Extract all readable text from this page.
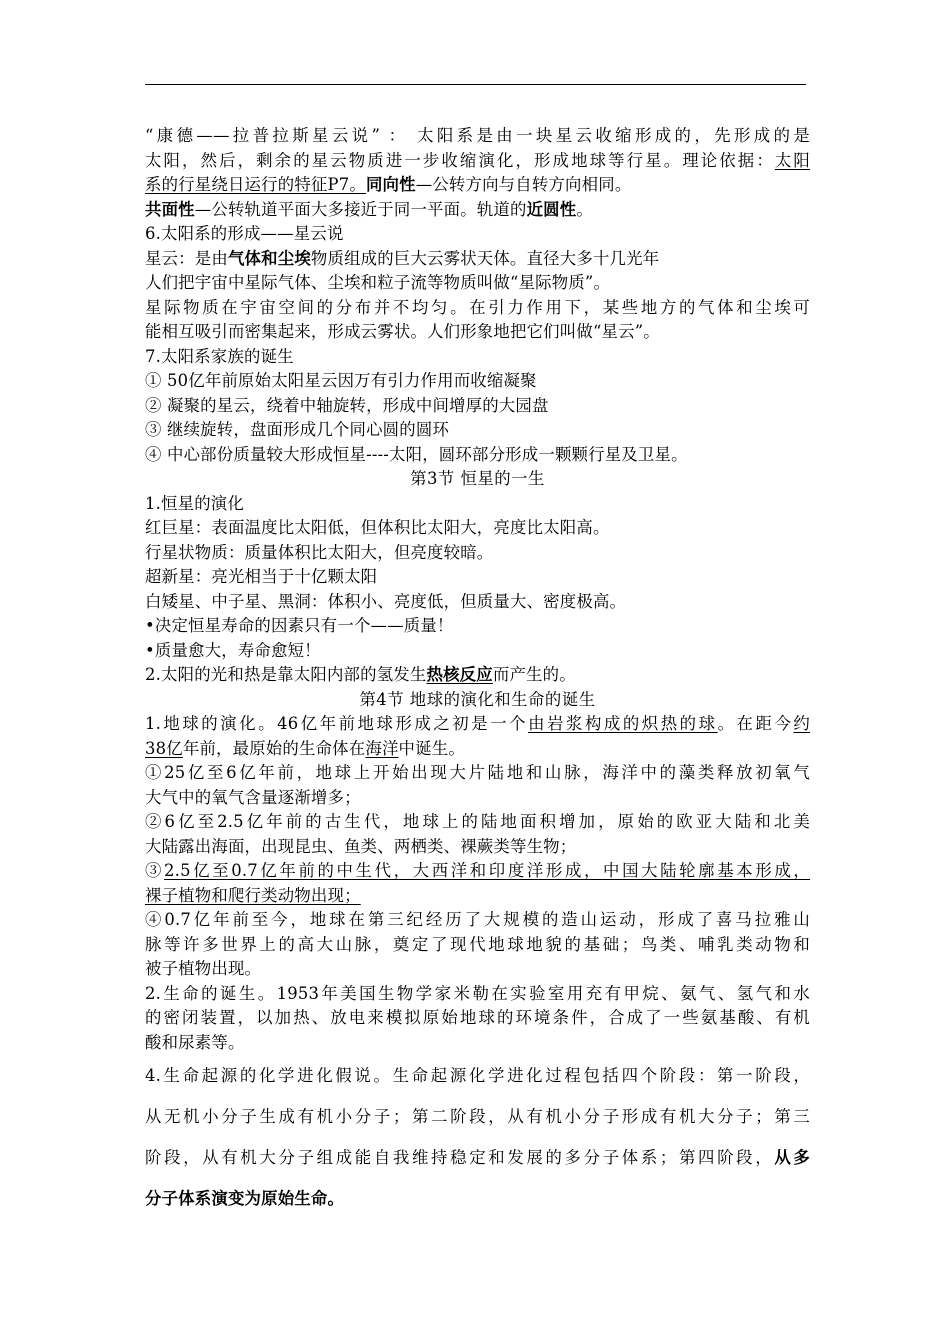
“康德——拉普拉斯星云说” ： 太阳系是由一块星云收缩形成的，先形成的是
太阳，然后，剩余的星云物质进一步收缩演化，形成地球等行星。理论依据：太阳
系的行星绕日运行的特征P7。同向性—公转方向与自转方向相同。
共面性—公转轨道平面大多接近于同一平面。轨道的近圆性。
6.太阳系的形成——星云说
星云：是由气体和尘埃物质组成的巨大云雾状天体。直径大多十几光年
人们把宇宙中星际气体、尘埃和粒子流等物质叫做“星际物质”。
星际物质在宇宙空间的分布并不均匀。在引力作用下，某些地方的气体和尘埃可
能相互吸引而密集起来，形成云雾状。人们形象地把它们叫做“星云”。
7.太阳系家族的诞生
① 50亿年前原始太阳星云因万有引力作用而收缩凝聚
② 凝聚的星云，绕着中轴旋转，形成中间增厚的大园盘
③ 继续旋转，盘面形成几个同心圆的圆环
④ 中心部份质量较大形成恒星----太阳，圆环部分形成一颗颗行星及卫星。
第3节 恒星的一生
1.恒星的演化
红巨星：表面温度比太阳低，但体积比太阳大，亮度比太阳高。
行星状物质：质量体积比太阳大，但亮度较暗。
超新星：亮光相当于十亿颗太阳
白矮星、中子星、黑洞：体积小、亮度低，但质量大、密度极高。
•决定恒星寿命的因素只有一个——质量！
•质量愈大，寿命愈短！
2.太阳的光和热是靠太阳内部的氢发生热核反应而产生的。
第4节 地球的演化和生命的诞生
1.地球的演化。46亿年前地球形成之初是一个由岩浆构成的炽热的球。在距今约
38亿年前，最原始的生命体在海洋中诞生。
①25亿至6亿年前，地球上开始出现大片陆地和山脉，海洋中的藻类释放初氧气
大气中的氧气含量逐渐增多；
②6亿至2.5亿年前的古生代，地球上的陆地面积增加，原始的欧亚大陆和北美
大陆露出海面，出现昆虫、鱼类、两栖类、裸蕨类等生物；
③2.5亿至0.7亿年前的中生代，大西洋和印度洋形成，中国大陆轮廓基本形成，
裸子植物和爬行类动物出现；
④0.7亿年前至今，地球在第三纪经历了大规模的造山运动，形成了喜马拉雅山
脉等许多世界上的高大山脉，奠定了现代地球地貌的基础；鸟类、哺乳类动物和
被子植物出现。
2.生命的诞生。1953年美国生物学家米勒在实验室用充有甲烷、氨气、氢气和水
的密闭装置，以加热、放电来模拟原始地球的环境条件，合成了一些氨基酸、有机
酸和尿素等。
4.生命起源的化学进化假说。生命起源化学进化过程包括四个阶段：第一阶段，
从无机小分子生成有机小分子；第二阶段，从有机小分子形成有机大分子；第三
阶段，从有机大分子组成能自我维持稳定和发展的多分子体系；第四阶段，从多
分子体系演变为原始生命。
